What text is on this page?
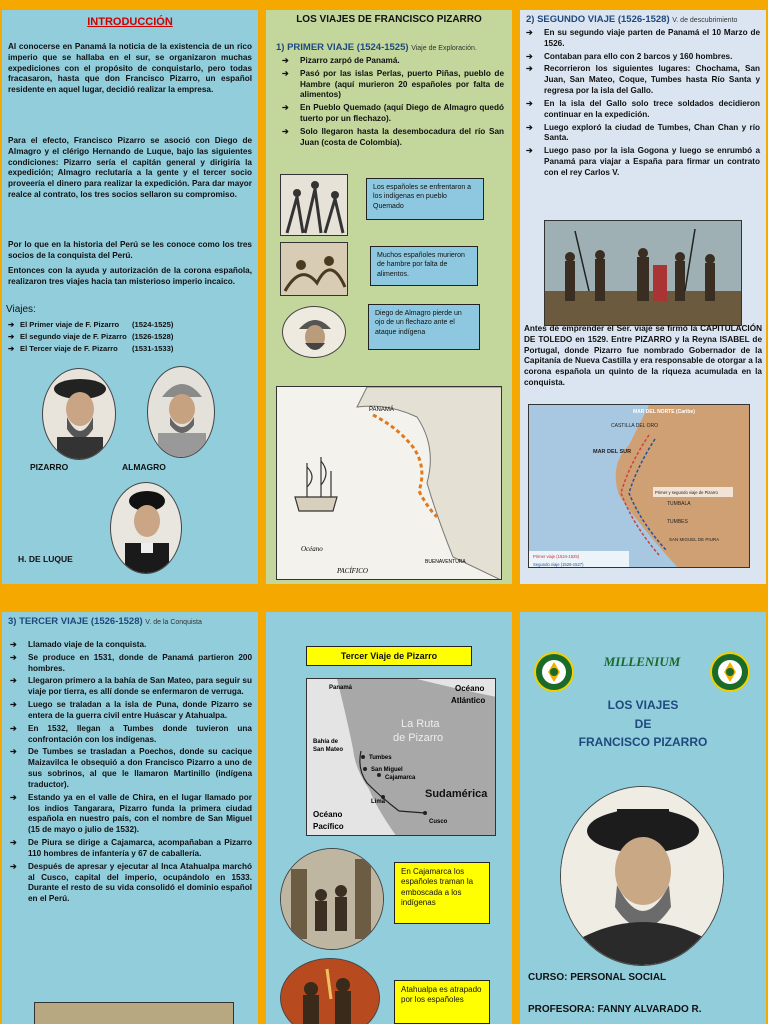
INTRODUCCIÓN
Al conocerse en Panamá la noticia de la existencia de un rico imperio que se hallaba en el sur, se organizaron muchas expediciones con el propósito de conquistarlo, pero todas fracasaron, hasta que don Francisco Pizarro, un español residente en aquel lugar, decidió realizar la empresa.
Para el efecto, Francisco Pizarro se asoció con Diego de Almagro y el clérigo Hernando de Luque, bajo las siguientes condiciones: Pizarro sería el capitán general y dirigiría la expedición; Almagro reclutaría a la gente y el tercer socio proveería el dinero para realizar la expedición. Para dar mayor realce al contrato, los tres socios sellaron su compromiso.
Por lo que en la historia del Perú se les conoce como los tres socios de la conquista del Perú.
Entonces con la ayuda y autorización de la corona española, realizaron tres viajes hacia tan misterioso imperio incaico.
Viajes:
➔ El Primer viaje de F. Pizarro	(1524-1525)
➔ El segundo viaje de F. Pizarro (1526-1528)
➔ El Tercer viaje de F. Pizarro	(1531-1533)
PIZARRO	ALMAGRO
H. DE LUQUE
LOS VIAJES DE FRANCISCO PIZARRO
1) PRIMER VIAJE (1524-1525) Viaje de Exploración.
➔ Pizarro zarpó de Panamá.
➔ Pasó por las islas Perlas, puerto Piñas, pueblo de Hambre (aquí murieron 20 españoles por falta de alimentos)
➔ En Pueblo Quemado (aquí Diego de Almagro quedó tuerto por un flechazo).
➔ Solo llegaron hasta la desembocadura del río San Juan (costa de Colombia).
Los españoles se enfrentaron a los indígenas en pueblo Quemado
Muchos españoles murieron de hambre por falta de alimentos.
Diego de Almagro pierde un ojo de un flechazo ante el ataque indígena
PANAMÁ
Océano
PACÍFICO
BUENAVENTURA
2) SEGUNDO VIAJE (1526-1528) V. de descubrimiento
➔ En su segundo viaje parten de Panamá el 10 Marzo de 1526.
➔ Contaban para ello con 2 barcos y 160 hombres.
➔ Recorrieron los siguientes lugares: Chochama, San Juan, San Mateo, Coque, Tumbes hasta Río Santa y regresa por la isla del Gallo.
➔ En la isla del Gallo solo trece soldados decidieron continuar en la expedición.
➔ Luego exploró la ciudad de Tumbes, Chan Chan y río Santa.
➔ Luego paso por la isla Gogona y luego se enrumbó a Panamá para viajar a España para firmar un contrato con el rey Carlos V.
Antes de emprender el Ser. viaje se firmó la CAPITULACIÓN DE TOLEDO en 1529. Entre PIZARRO y la Reyna ISABEL de Portugal, donde Pizarro fue nombrado Gobernador de la Capitanía de Nueva Castilla y era responsable de otorgar a la corona española un quinto de la riqueza acumulada en la conquista.
MAR DEL NORTE (Caribe)
CASTILLA DEL ORO
MAR DEL SUR
TUMBALA
TUMBES
SAN MIGUEL DE PIURA
Primer y segundo viaje de Pizarro
Primer viaje (1524-1525)
Segundo viaje (1526-1527)
3) TERCER VIAJE (1526-1528) V. de la Conquista
➔ Llamado viaje de la conquista.
➔ Se produce en 1531, donde de Panamá partieron 200 hombres.
➔ Llegaron primero a la bahía de San Mateo, para seguir su viaje por tierra, es allí donde se enfermaron de verruga.
➔ Luego se traladan a la isla de Puna, donde Pizarro se entera de la guerra civil entre Huáscar y Atahualpa.
➔ En 1532, llegan a Tumbes donde tuvieron una confrontación con los indígenas.
➔ De Tumbes se trasladan a Poechos, donde su cacique Maizavilca le obsequió a don Francisco Pizarro a uno de sus sobrinos, al que le llamaron Martinillo (indígena traductor).
➔ Estando ya en el valle de Chira, en el lugar llamado por los indios Tangarara, Pizarro funda la primera ciudad española en nuestro país, con el nombre de San Miguel (15 de mayo o julio de 1532).
➔ De Piura se dirige a Cajamarca, acompañaban a Pizarro 110 hombres de infantería y 67 de caballería.
➔ Después de apresar y ejecutar al Inca Atahualpa marchó al Cusco, capital del imperio, ocupándolo en 1533. Durante el resto de su vida consolidó el dominio español en el Perú.
Tercer Viaje de Pizarro
Panamá	Océano
Atlántico
La Ruta
de Pizarro
Bahía de
San Mateo
Tumbes
San Miguel
Cajamarca
Sudamérica
Lima
Cusco
Océano
Pacífico
En Cajamarca los españoles traman la emboscada a los indígenas
Atahualpa es atrapado por los españoles
MILLENIUM
LOS VIAJES
DE
FRANCISCO PIZARRO
CURSO: PERSONAL SOCIAL
PROFESORA: FANNY ALVARADO R.
